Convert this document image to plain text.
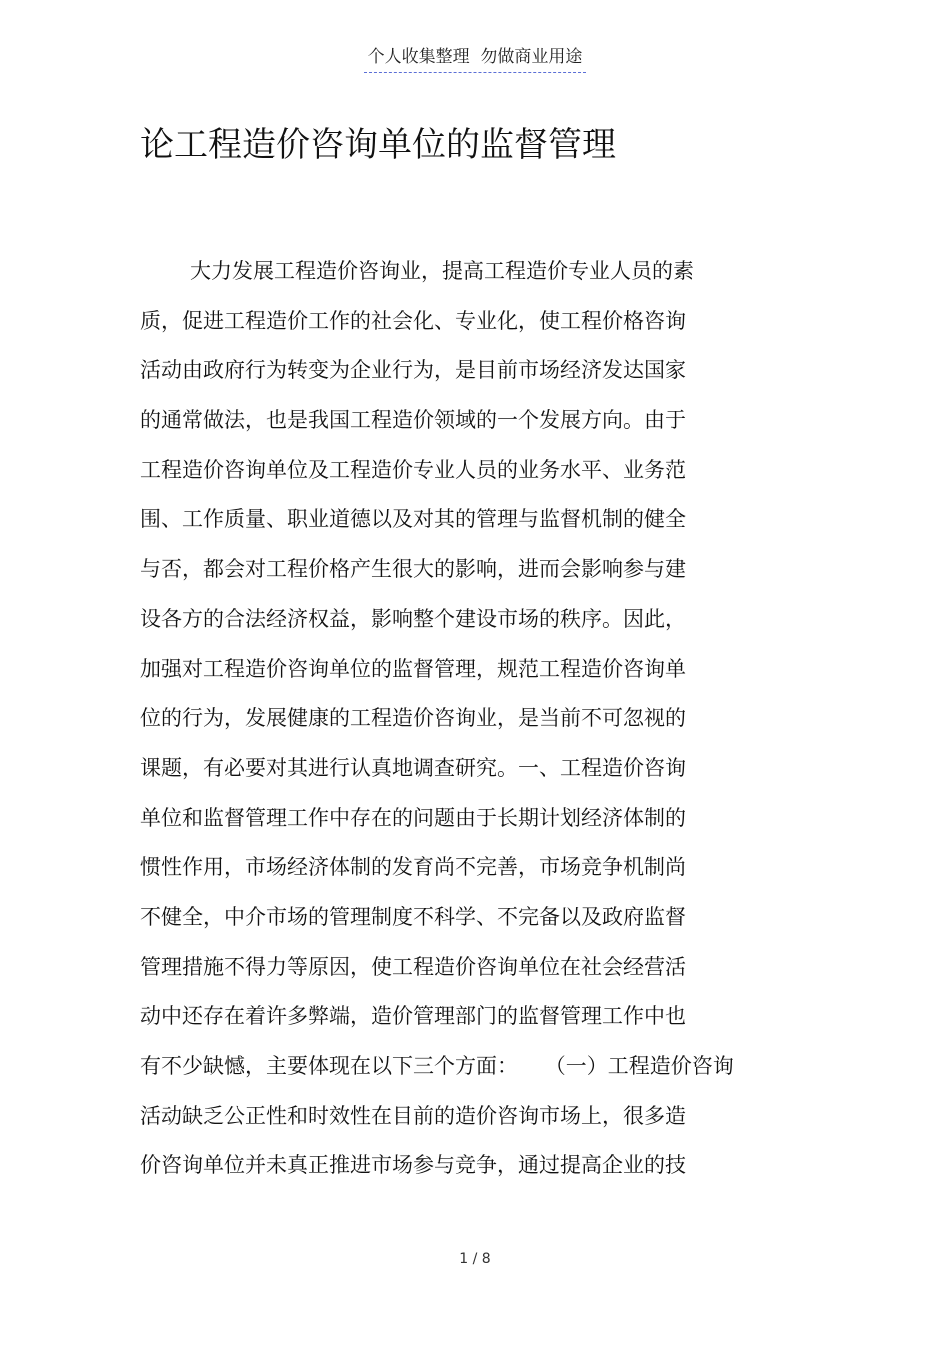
个人收集整理  勿做商业用途
论工程造价咨询单位的监督管理
大力发展工程造价咨询业，提高工程造价专业人员的素
质，促进工程造价工作的社会化、专业化，使工程价格咨询
活动由政府行为转变为企业行为，是目前市场经济发达国家
的通常做法，也是我国工程造价领域的一个发展方向。由于
工程造价咨询单位及工程造价专业人员的业务水平、业务范
围、工作质量、职业道德以及对其的管理与监督机制的健全
与否，都会对工程价格产生很大的影响，进而会影响参与建
设各方的合法经济权益，影响整个建设市场的秩序。因此，
加强对工程造价咨询单位的监督管理，规范工程造价咨询单
位的行为，发展健康的工程造价咨询业，是当前不可忽视的
课题，有必要对其进行认真地调查研究。一、工程造价咨询
单位和监督管理工作中存在的问题由于长期计划经济体制的
惯性作用，市场经济体制的发育尚不完善，市场竞争机制尚
不健全，中介市场的管理制度不科学、不完备以及政府监督
管理措施不得力等原因，使工程造价咨询单位在社会经营活
动中还存在着许多弊端，造价管理部门的监督管理工作中也
有不少缺憾，主要体现在以下三个方面：    （一）工程造价咨询
活动缺乏公正性和时效性在目前的造价咨询市场上，很多造
价咨询单位并未真正推进市场参与竞争，通过提高企业的技
1 / 8
